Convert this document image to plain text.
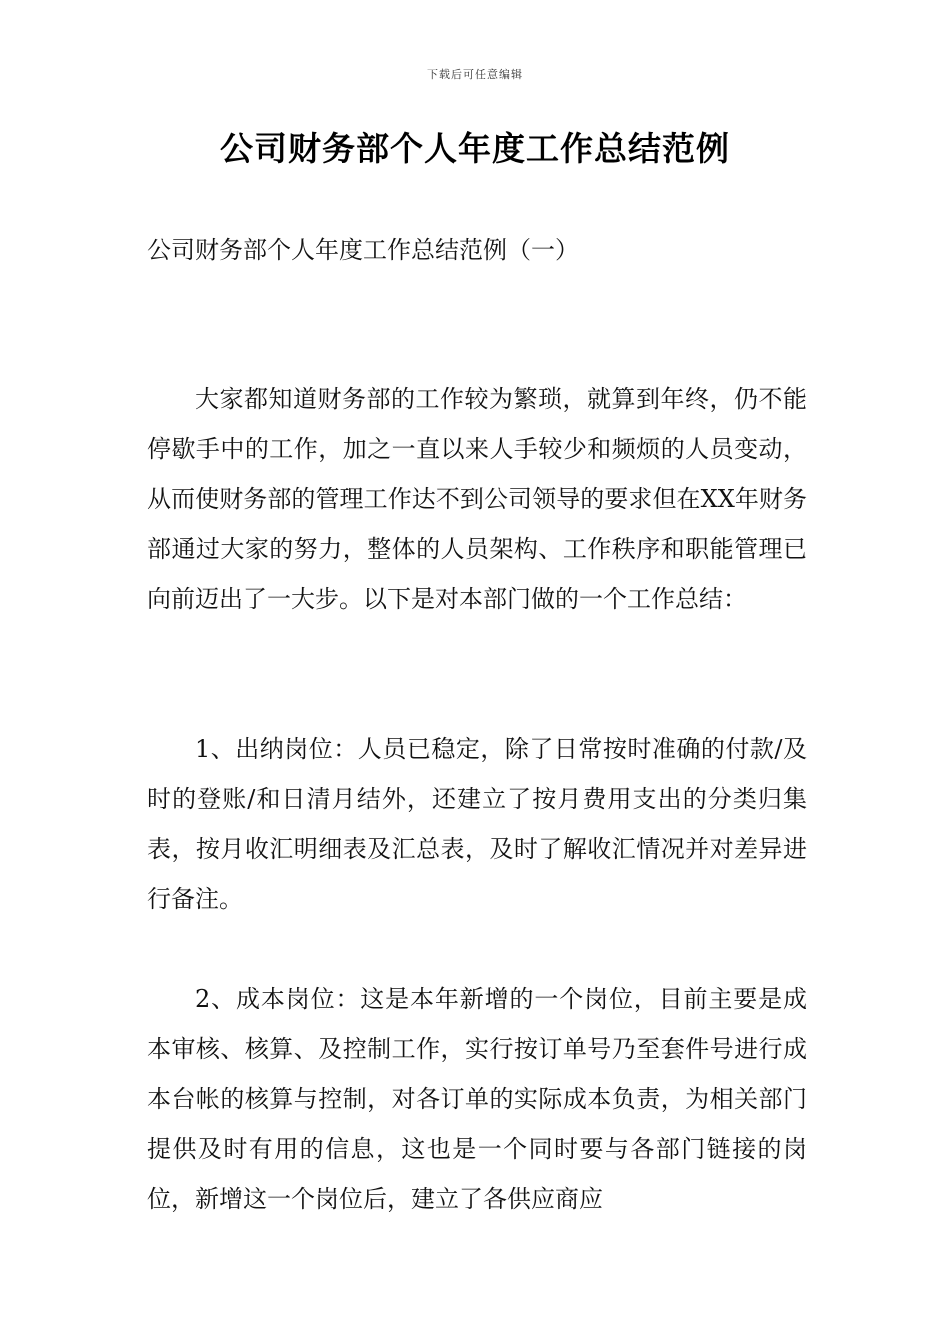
下载后可任意编辑
公司财务部个人年度工作总结范例

公司财务部个人年度工作总结范例（一）

大家都知道财务部的工作较为繁琐，就算到年终，仍不能停歇手中的工作，加之一直以来人手较少和频烦的人员变动，从而使财务部的管理工作达不到公司领导的要求但在XX年财务部通过大家的努力，整体的人员架构、工作秩序和职能管理已向前迈出了一大步。以下是对本部门做的一个工作总结：

1、出纳岗位：人员已稳定，除了日常按时准确的付款/及时的登账/和日清月结外，还建立了按月费用支出的分类归集表，按月收汇明细表及汇总表，及时了解收汇情况并对差异进行备注。

2、成本岗位：这是本年新增的一个岗位，目前主要是成本审核、核算、及控制工作，实行按订单号乃至套件号进行成本台帐的核算与控制，对各订单的实际成本负责，为相关部门提供及时有用的信息，这也是一个同时要与各部门链接的岗位，新增这一个岗位后，建立了各供应商应
